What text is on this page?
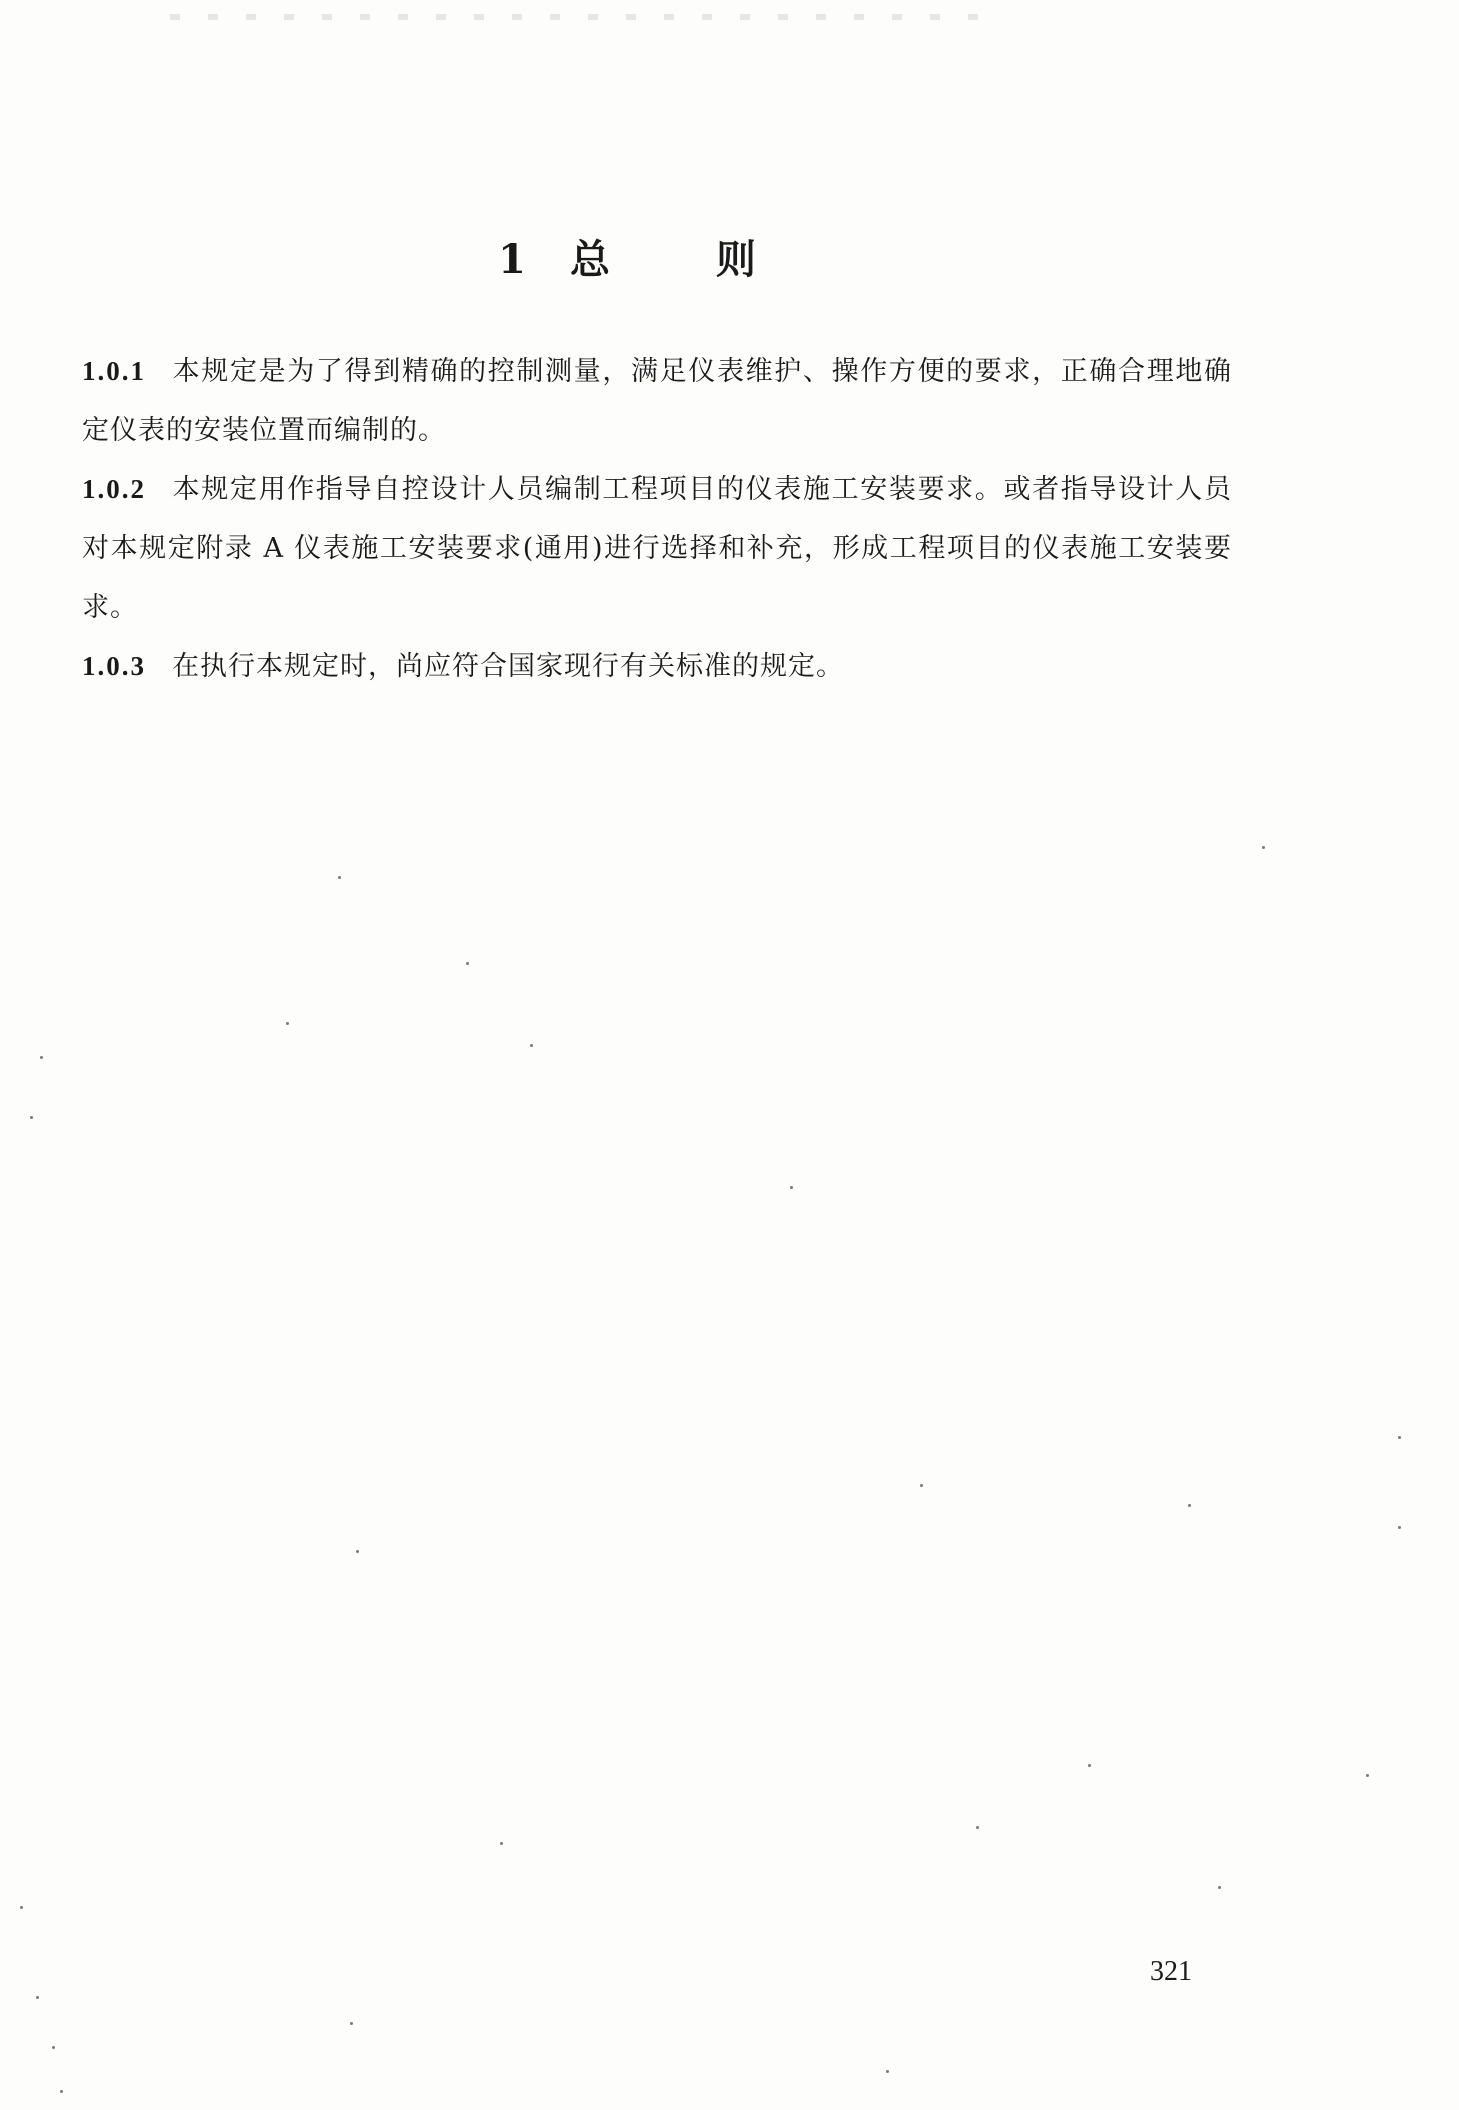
1 总 则

1.0.1 本规定是为了得到精确的控制测量，满足仪表维护、操作方便的要求，正确合理地确定仪表的安装位置而编制的。

1.0.2 本规定用作指导自控设计人员编制工程项目的仪表施工安装要求。或者指导设计人员对本规定附录 A 仪表施工安装要求(通用)进行选择和补充，形成工程项目的仪表施工安装要求。

1.0.3 在执行本规定时，尚应符合国家现行有关标准的规定。

321
